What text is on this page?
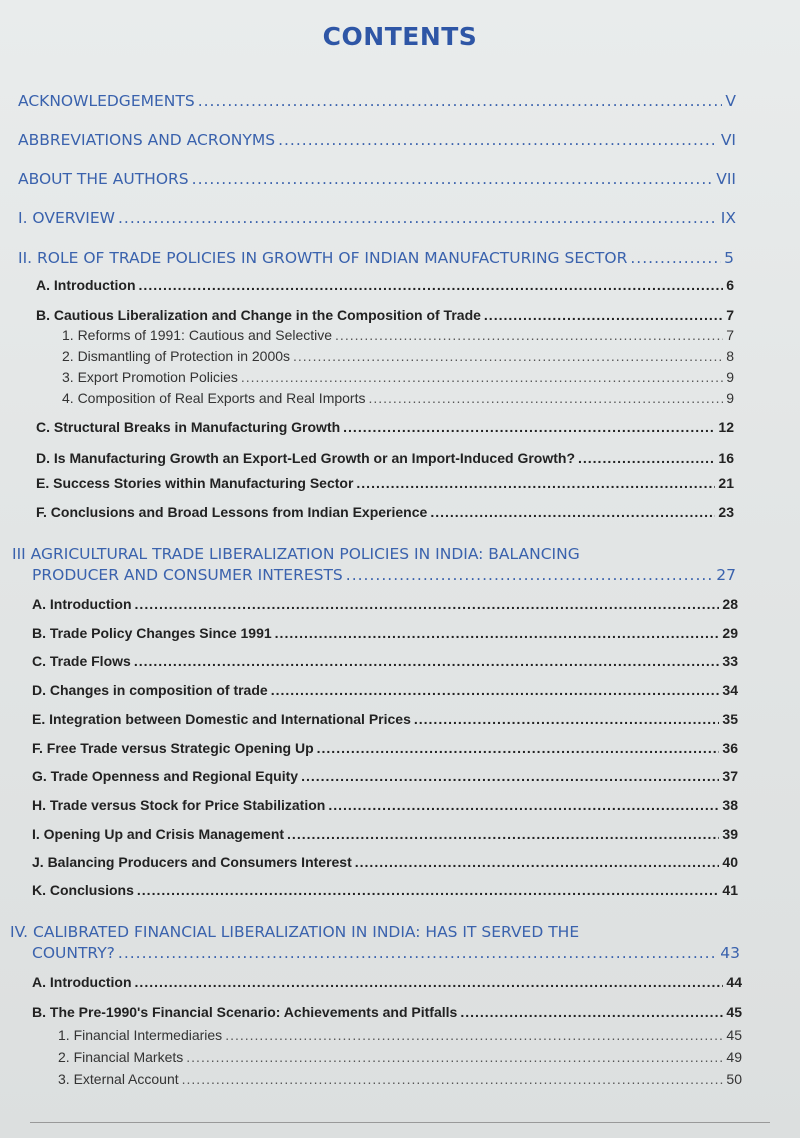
CONTENTS
ACKNOWLEDGEMENTS .....	V
ABBREVIATIONS AND ACRONYMS .....	VI
ABOUT THE AUTHORS .....	VII
I. OVERVIEW .....	IX
II. ROLE OF TRADE POLICIES IN GROWTH OF INDIAN MANUFACTURING SECTOR .....	5
A. Introduction .....	6
B. Cautious Liberalization and Change in the Composition of Trade .....	7
1. Reforms of 1991: Cautious and Selective .....	7
2. Dismantling of Protection in 2000s .....	8
3. Export Promotion Policies .....	9
4. Composition of Real Exports and Real Imports .....	9
C. Structural Breaks in Manufacturing Growth .....	12
D. Is Manufacturing Growth an Export-Led Growth or an Import-Induced Growth? .....	16
E. Success Stories within Manufacturing Sector .....	21
F. Conclusions and Broad Lessons from Indian Experience .....	23
III AGRICULTURAL TRADE LIBERALIZATION POLICIES IN INDIA: BALANCING
PRODUCER AND CONSUMER INTERESTS .....	27
A. Introduction .....	28
B. Trade Policy Changes Since 1991 .....	29
C. Trade Flows .....	33
D. Changes in composition of trade .....	34
E. Integration between Domestic and International Prices .....	35
F. Free Trade versus Strategic Opening Up .....	36
G. Trade Openness and Regional Equity .....	37
H. Trade versus Stock for Price Stabilization .....	38
I. Opening Up and Crisis Management .....	39
J. Balancing Producers and Consumers Interest .....	40
K. Conclusions .....	41
IV. CALIBRATED FINANCIAL LIBERALIZATION IN INDIA: HAS IT SERVED THE
COUNTRY? .....	43
A. Introduction .....	44
B. The Pre-1990's Financial Scenario: Achievements and Pitfalls .....	45
1. Financial Intermediaries .....	45
2. Financial Markets .....	49
3. External Account .....	50
